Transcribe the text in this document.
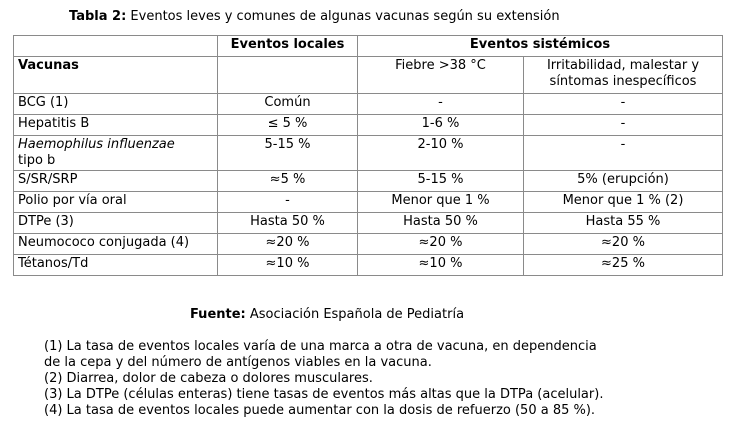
Tabla 2: Eventos leves y comunes de algunas vacunas según su extensión
	Eventos locales	Eventos sistémicos	
Vacunas		Fiebre >38 °C	Irritabilidad, malestar y síntomas inespecíficos
BCG (1)	Común	-	-
Hepatitis B	≤ 5 %	1-6 %	-
Haemophilus influenzae
tipo b	5-15 %	2-10 %	-
S/SR/SRP	≈5 %	5-15 %	5% (erupción)
Polio por vía oral	-	Menor que 1 %	Menor que 1 % (2)
DTPe (3)	Hasta 50 %	Hasta 50 %	Hasta 55 %
Neumococo conjugada (4)	≈20 %	≈20 %	≈20 %
Tétanos/Td	≈10 %	≈10 %	≈25 %
Fuente: Asociación Española de Pediatría
(1) La tasa de eventos locales varía de una marca a otra de vacuna, en dependencia
de la cepa y del número de antígenos viables en la vacuna.
(2) Diarrea, dolor de cabeza o dolores musculares.
(3) La DTPe (células enteras) tiene tasas de eventos más altas que la DTPa (acelular).
(4) La tasa de eventos locales puede aumentar con la dosis de refuerzo (50 a 85 %).
